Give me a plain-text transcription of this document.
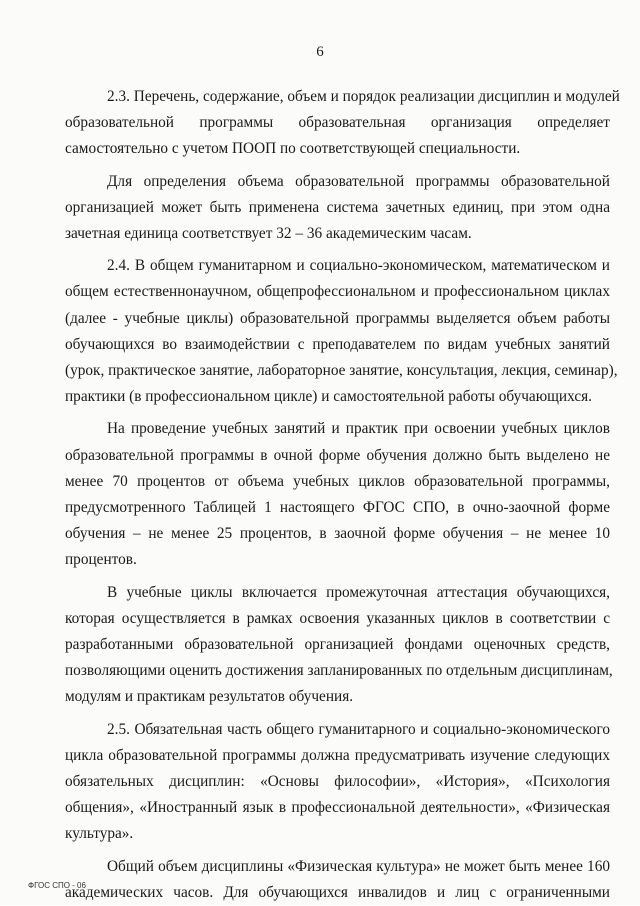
6
2.3. Перечень, содержание, объем и порядок реализации дисциплин и модулей
образовательной программы образовательная организация определяет
самостоятельно с учетом ПООП по соответствующей специальности.
Для определения объема образовательной программы образовательной
организацией может быть применена система зачетных единиц, при этом одна
зачетная единица соответствует 32 – 36 академическим часам.
2.4. В общем гуманитарном и социально-экономическом, математическом и
общем естественнонаучном, общепрофессиональном и профессиональном циклах
(далее - учебные циклы) образовательной программы выделяется объем работы
обучающихся во взаимодействии с преподавателем по видам учебных занятий
(урок, практическое занятие, лабораторное занятие, консультация, лекция, семинар),
практики (в профессиональном цикле) и самостоятельной работы обучающихся.
На проведение учебных занятий и практик при освоении учебных циклов
образовательной программы в очной форме обучения должно быть выделено не
менее 70 процентов от объема учебных циклов образовательной программы,
предусмотренного Таблицей 1 настоящего ФГОС СПО, в очно-заочной форме
обучения – не менее 25 процентов, в заочной форме обучения – не менее 10
процентов.
В учебные циклы включается промежуточная аттестация обучающихся,
которая осуществляется в рамках освоения указанных циклов в соответствии с
разработанными образовательной организацией фондами оценочных средств,
позволяющими оценить достижения запланированных по отдельным дисциплинам,
модулям и практикам результатов обучения.
2.5. Обязательная часть общего гуманитарного и социально-экономического
цикла образовательной программы должна предусматривать изучение следующих
обязательных дисциплин: «Основы философии», «История», «Психология
общения», «Иностранный язык в профессиональной деятельности», «Физическая
культура».
Общий объем дисциплины «Физическая культура» не может быть менее 160
академических часов. Для обучающихся инвалидов и лиц с ограниченными
ФГОС СПО - 06
